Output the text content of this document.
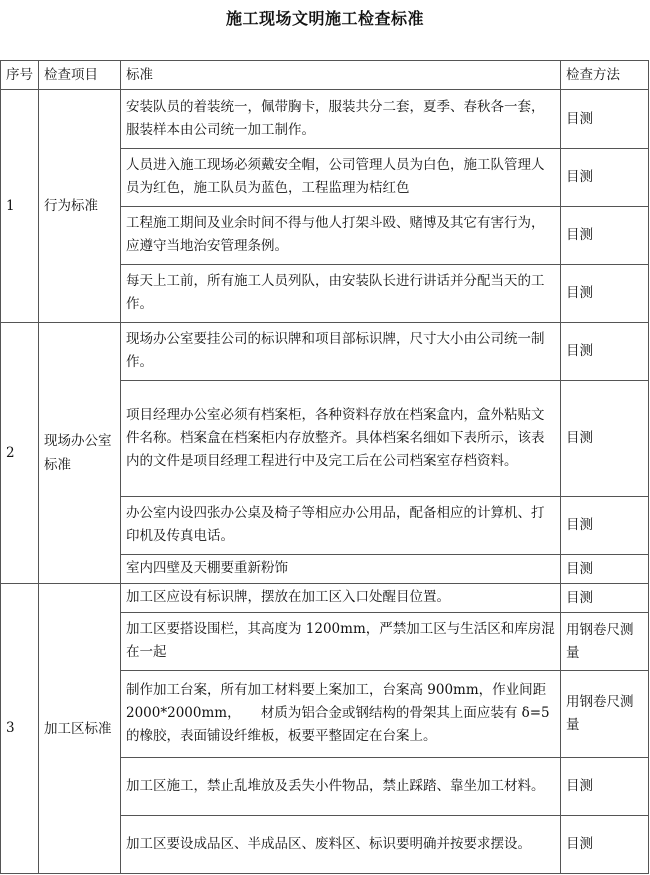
施工现场文明施工检查标准
序号	检查项目	标准	检查方法
1	行为标准	安装队员的着装统一，佩带胸卡，服装共分二套，夏季、春秋各一套，服装样本由公司统一加工制作。	目测
		人员进入施工现场必须戴安全帽，公司管理人员为白色，施工队管理人员为红色，施工队员为蓝色，工程监理为桔红色	目测
		工程施工期间及业余时间不得与他人打架斗殴、赌博及其它有害行为，应遵守当地治安管理条例。	目测
		每天上工前，所有施工人员列队，由安装队长进行讲话并分配当天的工作。	目测
2	现场办公室标准	现场办公室要挂公司的标识牌和项目部标识牌，尺寸大小由公司统一制作。	目测
		项目经理办公室必须有档案柜，各种资料存放在档案盒内，盒外粘贴文件名称。档案盒在档案柜内存放整齐。具体档案名细如下表所示，该表内的文件是项目经理工程进行中及完工后在公司档案室存档资料。	目测
		办公室内设四张办公桌及椅子等相应办公用品，配备相应的计算机、打印机及传真电话。	目测
		室内四壁及天棚要重新粉饰	目测
3	加工区标准	加工区应设有标识牌，摆放在加工区入口处醒目位置。	目测
		加工区要搭设围栏，其高度为 1200mm，严禁加工区与生活区和库房混在一起	用钢卷尺测量
		制作加工台案，所有加工材料要上案加工，台案高 900mm，作业间距 2000*2000mm，　　材质为铝合金或钢结构的骨架其上面应装有 δ=5 的橡胶，表面铺设纤维板，板要平整固定在台案上。	用钢卷尺测量
		加工区施工，禁止乱堆放及丢失小件物品，禁止踩踏、靠坐加工材料。	目测
		加工区要设成品区、半成品区、废料区、标识要明确并按要求摆设。	目测
